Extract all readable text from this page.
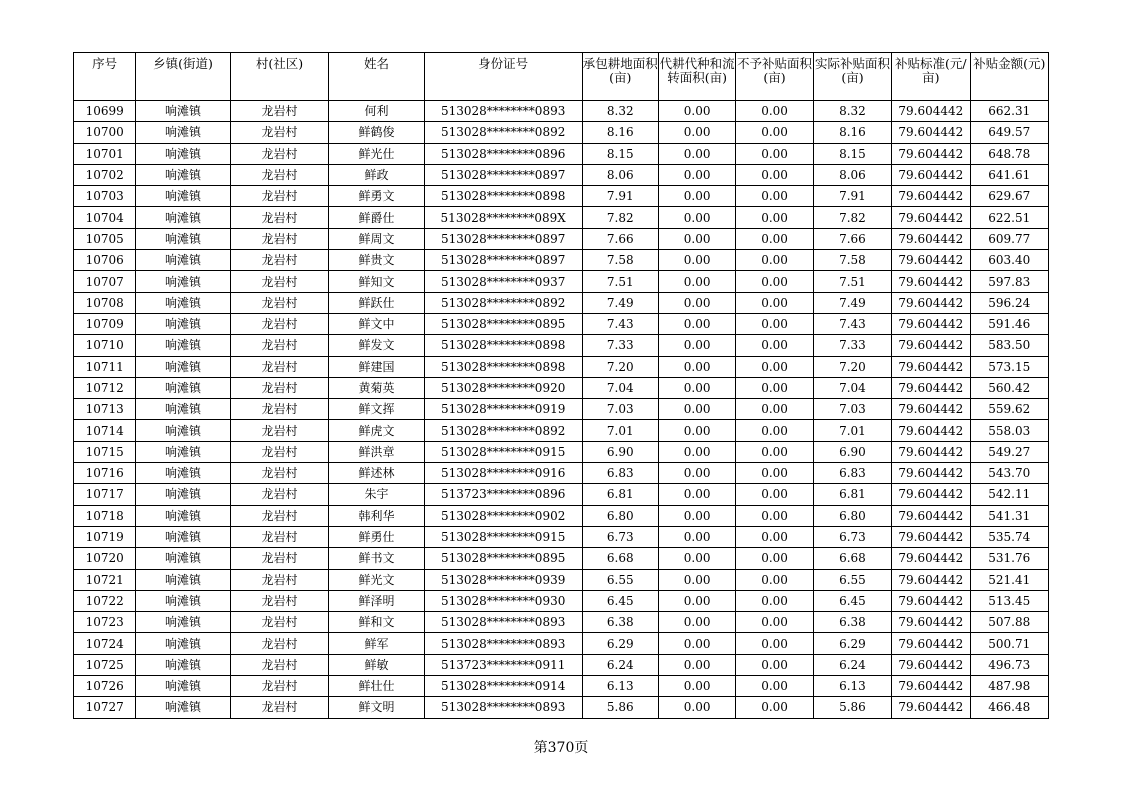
序号	乡镇(街道)	村(社区)	姓名	身份证号	承包耕地面积(亩)	代耕代种和流转面积(亩)	不予补贴面积(亩)	实际补贴面积(亩)	补贴标准(元/亩)	补贴金额(元)
10699	响滩镇	龙岩村	何利	513028********0893	8.32	0.00	0.00	8.32	79.604442	662.31
10700	响滩镇	龙岩村	鲜鹤俊	513028********0892	8.16	0.00	0.00	8.16	79.604442	649.57
10701	响滩镇	龙岩村	鲜光仕	513028********0896	8.15	0.00	0.00	8.15	79.604442	648.78
10702	响滩镇	龙岩村	鲜政	513028********0897	8.06	0.00	0.00	8.06	79.604442	641.61
10703	响滩镇	龙岩村	鲜勇文	513028********0898	7.91	0.00	0.00	7.91	79.604442	629.67
10704	响滩镇	龙岩村	鲜爵仕	513028********089X	7.82	0.00	0.00	7.82	79.604442	622.51
10705	响滩镇	龙岩村	鲜周文	513028********0897	7.66	0.00	0.00	7.66	79.604442	609.77
10706	响滩镇	龙岩村	鲜贵文	513028********0897	7.58	0.00	0.00	7.58	79.604442	603.40
10707	响滩镇	龙岩村	鲜知文	513028********0937	7.51	0.00	0.00	7.51	79.604442	597.83
10708	响滩镇	龙岩村	鲜跃仕	513028********0892	7.49	0.00	0.00	7.49	79.604442	596.24
10709	响滩镇	龙岩村	鲜文中	513028********0895	7.43	0.00	0.00	7.43	79.604442	591.46
10710	响滩镇	龙岩村	鲜发文	513028********0898	7.33	0.00	0.00	7.33	79.604442	583.50
10711	响滩镇	龙岩村	鲜建国	513028********0898	7.20	0.00	0.00	7.20	79.604442	573.15
10712	响滩镇	龙岩村	黄菊英	513028********0920	7.04	0.00	0.00	7.04	79.604442	560.42
10713	响滩镇	龙岩村	鲜文挥	513028********0919	7.03	0.00	0.00	7.03	79.604442	559.62
10714	响滩镇	龙岩村	鲜虎文	513028********0892	7.01	0.00	0.00	7.01	79.604442	558.03
10715	响滩镇	龙岩村	鲜洪章	513028********0915	6.90	0.00	0.00	6.90	79.604442	549.27
10716	响滩镇	龙岩村	鲜述林	513028********0916	6.83	0.00	0.00	6.83	79.604442	543.70
10717	响滩镇	龙岩村	朱宇	513723********0896	6.81	0.00	0.00	6.81	79.604442	542.11
10718	响滩镇	龙岩村	韩利华	513028********0902	6.80	0.00	0.00	6.80	79.604442	541.31
10719	响滩镇	龙岩村	鲜勇仕	513028********0915	6.73	0.00	0.00	6.73	79.604442	535.74
10720	响滩镇	龙岩村	鲜书文	513028********0895	6.68	0.00	0.00	6.68	79.604442	531.76
10721	响滩镇	龙岩村	鲜光文	513028********0939	6.55	0.00	0.00	6.55	79.604442	521.41
10722	响滩镇	龙岩村	鲜泽明	513028********0930	6.45	0.00	0.00	6.45	79.604442	513.45
10723	响滩镇	龙岩村	鲜和文	513028********0893	6.38	0.00	0.00	6.38	79.604442	507.88
10724	响滩镇	龙岩村	鲜军	513028********0893	6.29	0.00	0.00	6.29	79.604442	500.71
10725	响滩镇	龙岩村	鲜敏	513723********0911	6.24	0.00	0.00	6.24	79.604442	496.73
10726	响滩镇	龙岩村	鲜壮仕	513028********0914	6.13	0.00	0.00	6.13	79.604442	487.98
10727	响滩镇	龙岩村	鲜文明	513028********0893	5.86	0.00	0.00	5.86	79.604442	466.48
第370页
